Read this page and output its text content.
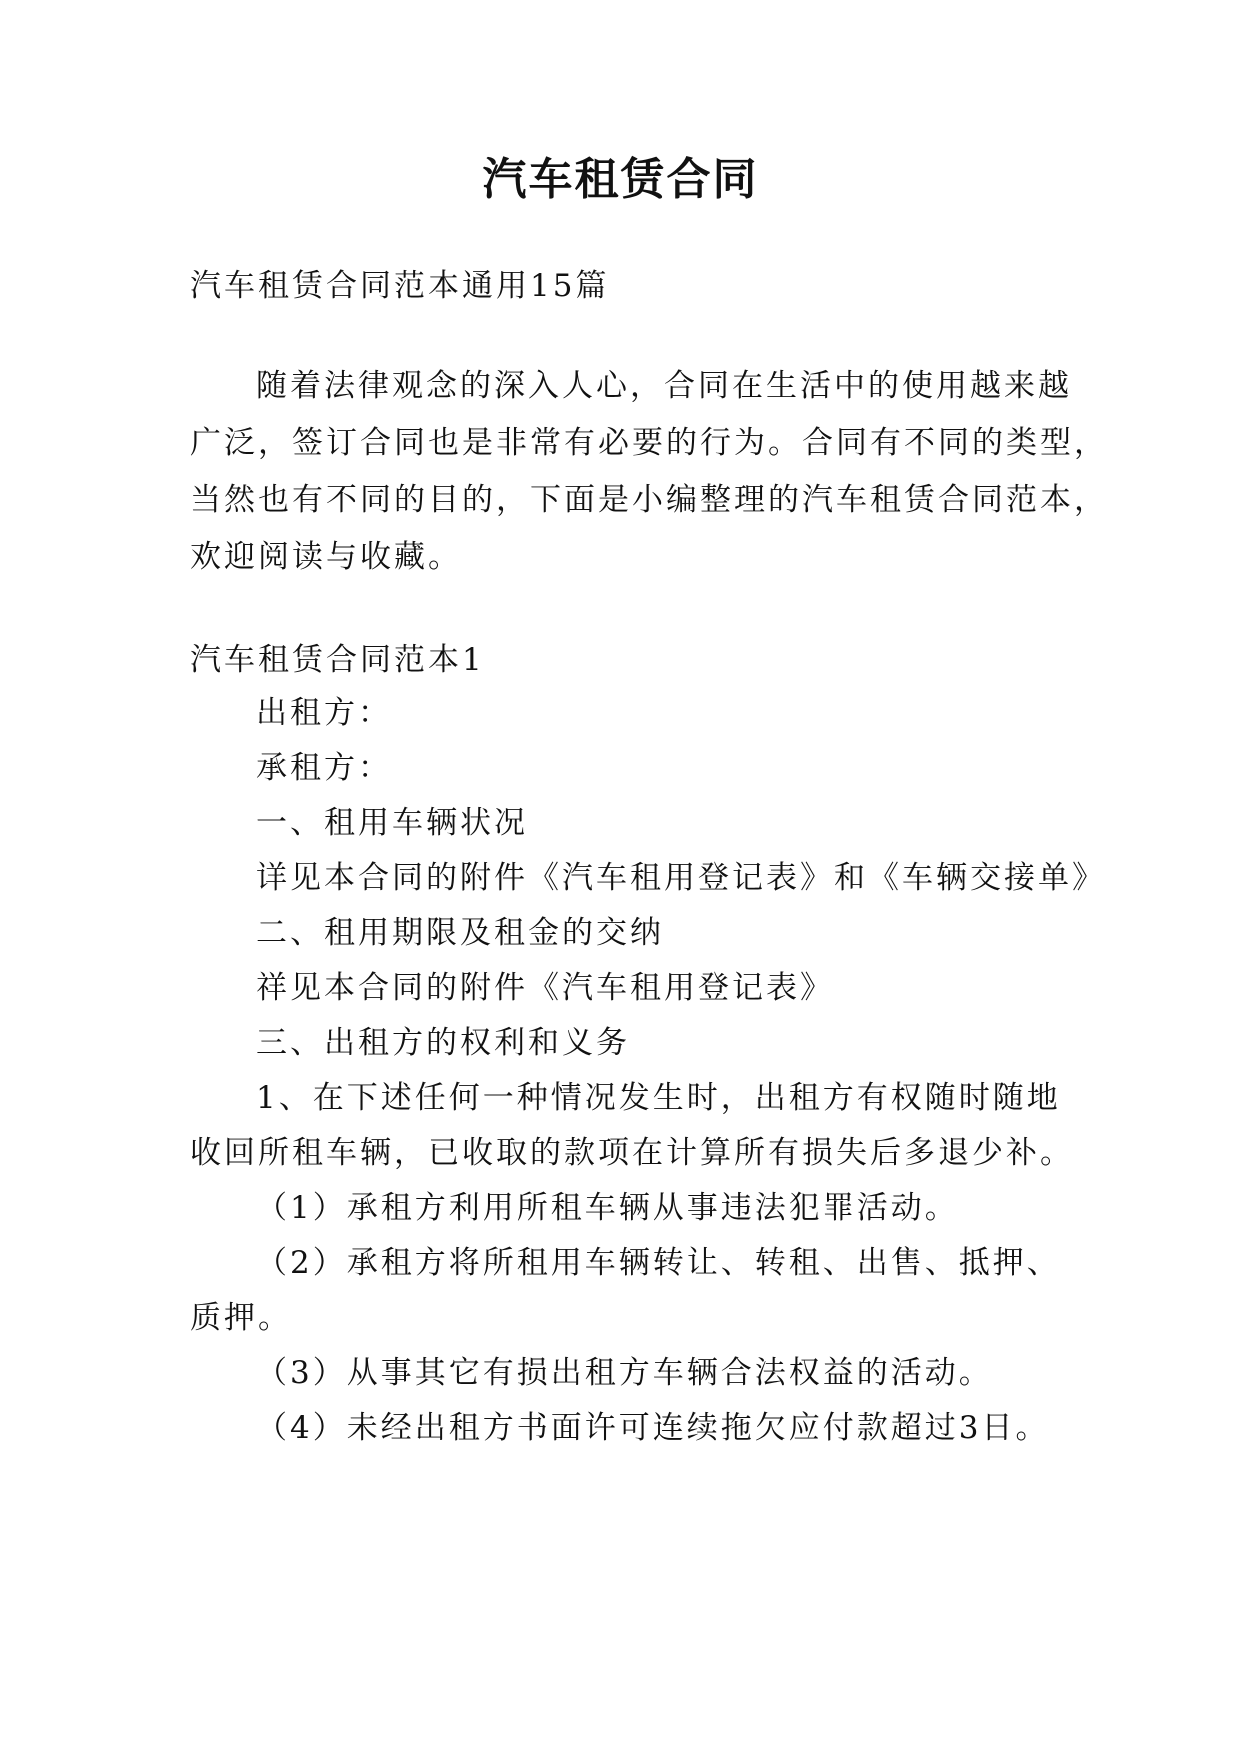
汽车租赁合同
汽车租赁合同范本通用15篇
随着法律观念的深入人心，合同在生活中的使用越来越
广泛，签订合同也是非常有必要的行为。合同有不同的类型，
当然也有不同的目的，下面是小编整理的汽车租赁合同范本，
欢迎阅读与收藏。
汽车租赁合同范本1
出租方：
承租方：
一、租用车辆状况
详见本合同的附件《汽车租用登记表》和《车辆交接单》
二、租用期限及租金的交纳
祥见本合同的附件《汽车租用登记表》
三、出租方的权利和义务
1、在下述任何一种情况发生时，出租方有权随时随地
收回所租车辆，已收取的款项在计算所有损失后多退少补。
（1）承租方利用所租车辆从事违法犯罪活动。
（2）承租方将所租用车辆转让、转租、出售、抵押、
质押。
（3）从事其它有损出租方车辆合法权益的活动。
（4）未经出租方书面许可连续拖欠应付款超过3日。
